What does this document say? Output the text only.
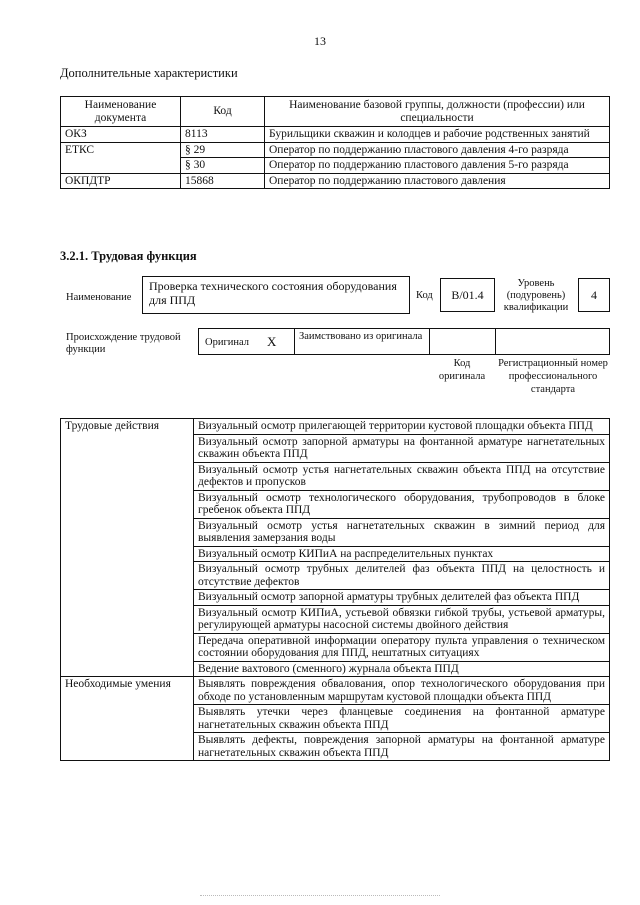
13
Дополнительные характеристики
Наименование документа	Код	Наименование базовой группы, должности (профессии) или специальности
ОКЗ	8113	Бурильщики скважин и колодцев и рабочие родственных занятий
ЕТКС	§ 29	Оператор по поддержанию пластового давления 4-го разряда
	§ 30	Оператор по поддержанию пластового давления 5-го разряда
ОКПДТР	15868	Оператор по поддержанию пластового давления
3.2.1. Трудовая функция
Наименование
Проверка технического состояния оборудования для ППД	Код	B/01.4
Уровень (подуровень) квалификации
4
Происхождение трудовой функции
Оригинал X Заимствовано из оригинала
Код оригинала
Регистрационный номер профессионального стандарта
Трудовые действия	Визуальный осмотр прилегающей территории кустовой площадки объекта ППД
	Визуальный осмотр запорной арматуры на фонтанной арматуре нагнетательных скважин объекта ППД
	Визуальный осмотр устья нагнетательных скважин объекта ППД на отсутствие дефектов и пропусков
	Визуальный осмотр технологического оборудования, трубопроводов в блоке гребенок объекта ППД
	Визуальный осмотр устья нагнетательных скважин в зимний период для выявления замерзания воды
	Визуальный осмотр КИПиА на распределительных пунктах
	Визуальный осмотр трубных делителей фаз объекта ППД на целостность и отсутствие дефектов
	Визуальный осмотр запорной арматуры трубных делителей фаз объекта ППД
	Визуальный осмотр КИПиА, устьевой обвязки гибкой трубы, устьевой арматуры, регулирующей арматуры насосной системы двойного действия
	Передача оперативной информации оператору пульта управления о техническом состоянии оборудования для ППД, нештатных ситуациях
	Ведение вахтового (сменного) журнала объекта ППД
Необходимые умения	Выявлять повреждения обвалования, опор технологического оборудования при обходе по установленным маршрутам кустовой площадки объекта ППД
	Выявлять утечки через фланцевые соединения на фонтанной арматуре нагнетательных скважин объекта ППД
	Выявлять дефекты, повреждения запорной арматуры на фонтанной арматуре нагнетательных скважин объекта ППД
